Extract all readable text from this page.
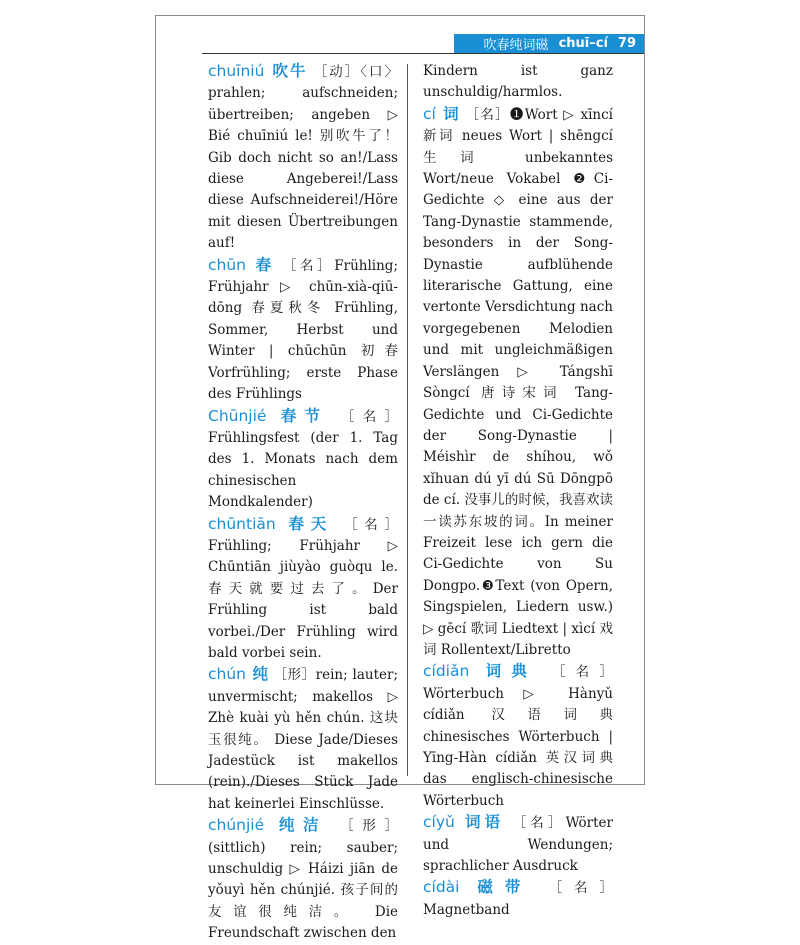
吹春纯词磁 chuī–cí 79

chuīniú 吹牛 ［动］〈口〉prahlen; aufschneiden; übertreiben; angeben ▷ Bié chuīniú le! 别吹牛了！ Gib doch nicht so an!/Lass diese Angeberei!/Lass diese Aufschneiderei!/Höre mit diesen Übertreibungen auf!

chūn 春 ［名］Frühling; Frühjahr ▷ chūn-xià-qiū-dōng 春夏秋冬 Frühling, Sommer, Herbst und Winter | chūchūn 初春 Vorfrühling; erste Phase des Frühlings

Chūnjié 春节 ［名］Frühlingsfest (der 1. Tag des 1. Monats nach dem chinesischen Mondkalender)

chūntiān 春天 ［名］Frühling; Frühjahr ▷ Chūntiān jiùyào guòqu le. 春天就要过去了。Der Frühling ist bald vorbei./Der Frühling wird bald vorbei sein.

chún 纯 ［形］rein; lauter; unvermischt; makellos ▷ Zhè kuài yù hěn chún. 这块玉很纯。 Diese Jade/Dieses Jadestück ist makellos (rein)./Dieses Stück Jade hat keinerlei Einschlüsse.

chúnjié 纯洁 ［形］(sittlich) rein; sauber; unschuldig ▷ Háizi jiān de yǒuyì hěn chúnjié. 孩子间的友谊很纯洁。 Die Freundschaft zwischen den

Kindern ist ganz unschuldig/harmlos.

cí 词 ［名］❶Wort ▷ xīncí 新词 neues Wort | shēngcí 生词 unbekanntes Wort/neue Vokabel ❷Ci-Gedichte ◇ eine aus der Tang-Dynastie stammende, besonders in der Song-Dynastie aufblühende literarische Gattung, eine vertonte Versdichtung nach vorgegebenen Melodien und mit ungleichmäßigen Verslängen ▷ Tángshī Sòngcí 唐诗宋词 Tang-Gedichte und Ci-Gedichte der Song-Dynastie | Méishìr de shíhou, wǒ xǐhuan dú yī dú Sū Dōngpō de cí. 没事儿的时候，我喜欢读一读苏东坡的词。In meiner Freizeit lese ich gern die Ci-Gedichte von Su Dongpo.❸Text (von Opern, Singspielen, Liedern usw.) ▷ gēcí 歌词 Liedtext | xìcí 戏词 Rollentext/Libretto

cídiǎn 词典 ［名］Wörterbuch ▷ Hànyǔ cídiǎn 汉语词典 chinesisches Wörterbuch | Yīng-Hàn cídiǎn 英汉词典 das englisch-chinesische Wörterbuch

cíyǔ 词语 ［名］Wörter und Wendungen; sprachlicher Ausdruck

cídài 磁带 ［名］Magnetband
